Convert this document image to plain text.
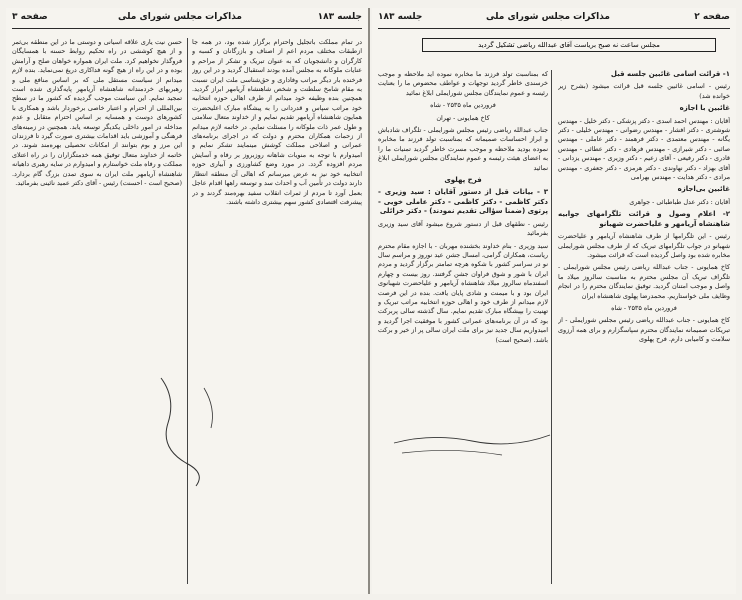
جلسه ۱۸۳
مذاکرات مجلس شورای ملی
صفحه ۳

در تمام مملکت باتجلیل واحترام برگزار شده بود، در همه جا ازطبقات مختلف مردم اعم از اصناف و بازرگانان و کسبه و کارگران و دانشجویان که به عنوان تبریک و تشکر از مراحم و عنایات ملوکانه به مجلس آمده بودند استقبال گردید و در این روز فرخنده بار دیگر مراتب وفاداری و حق‌شناسی ملت ایران نسبت به مقام شامخ سلطنت و شخص شاهنشاه آریامهر ابراز گردید. همچنین بنده وظیفه خود میدانم از طرف اهالی حوزه انتخابیه خود مراتب سپاس و قدردانی را به پیشگاه مبارک اعلیحضرت همایون شاهنشاه آریامهر تقدیم نمایم و از خداوند متعال سلامتی و طول عمر ذات ملوکانه را مسئلت نمایم. در خاتمه لازم میدانم از زحمات همکاران محترم و دولت که در اجرای برنامه‌های عمرانی و اصلاحی مملکت کوشش مینمایند تشکر نمایم و امیدوارم با توجه به منویات شاهانه روزبروز بر رفاه و آسایش مردم افزوده گردد. در مورد وضع کشاورزی و آبیاری حوزه انتخابیه خود نیز به عرض میرسانم که اهالی آن منطقه انتظار دارند دولت در تأمین آب و احداث سد و توسعه راهها اقدام عاجل بعمل آورد تا مردم از ثمرات انقلاب سفید بهره‌مند گردند و در پیشرفت اقتصادی کشور سهم بیشتری داشته باشند.

حسن نیت یاری علاقه اسیانی و دوستی ما در این منطقه بی‌ثمر و از هیچ کوششی در راه تحکیم روابط حسنه با همسایگان فروگذار نخواهیم کرد. ملت ایران همواره خواهان صلح و آرامش بوده و در این راه از هیچ گونه فداکاری دریغ نمی‌نماید. بنده لازم میدانم از سیاست مستقل ملی که بر اساس منافع ملی و رهبریهای خردمندانه شاهنشاه آریامهر پایه‌گذاری شده است تمجید نمایم. این سیاست موجب گردیده که کشور ما در سطح بین‌المللی از احترام و اعتبار خاصی برخوردار باشد و همکاری با کشورهای دوست و همسایه بر اساس احترام متقابل و عدم مداخله در امور داخلی یکدیگر توسعه یابد. همچنین در زمینه‌های فرهنگی و آموزشی باید اقدامات بیشتری صورت گیرد تا فرزندان این مرز و بوم بتوانند از امکانات تحصیلی بهره‌مند شوند. در خاتمه از خداوند متعال توفیق همه خدمتگزاران را در راه اعتلای مملکت و رفاه ملت خواستارم و امیدوارم در سایه رهبری داهیانه شاهنشاه آریامهر ملت ایران به سوی تمدن بزرگ گام بردارد. (صحیح است - احسنت) رئیس - آقای دکتر عمید نائینی بفرمائید.

صفحه ۲
مذاکرات مجلس شورای ملی
جلسه ۱۸۳
مجلس ساعت نه صبح بریاست آقای عبدالله ریاضی تشکیل گردید

۱- قرائت اسامی غائبین جلسه قبل

رئیس - اسامی غائبین جلسه قبل قرائت میشود (بشرح زیر خوانده شد)

غائبین با اجازه

آقایان : مهندس احمد اسدی - دکتر پزشکی - دکتر خلیل - مهندس شوشتری - دکتر افشار - مهندس رضوانی - مهندس خلیلی - دکتر یگانه - مهندس معتمدی - دکتر فرهمند - دکتر عاملی - مهندس صائبی - دکتر شیرازی - مهندس فرهادی - دکتر عطائی - مهندس قادری - دکتر رفیعی - آقای زعیم - دکتر وزیری - مهندس یزدانی - آقای بهزاد - دکتر نهاوندی - دکتر هرمزی - دکتر جعفری - مهندس مرادی - دکتر هدایت - مهندس بهرامی

غائبین بی‌اجازه

آقایان : دکتر عدل طباطبائی - جواهری

۲- اعلام وصول و قرائت تلگرامهای جوابیه شاهنشاه آریامهر و علیاحضرت شهبانو

رئیس - این تلگرامها از طرف شاهنشاه آریامهر و علیاحضرت شهبانو در جواب تلگرامهای تبریک که از طرف مجلس شورایملی مخابره شده بود واصل گردیده است که قرائت میشود.

کاخ همایونی - جناب عبدالله ریاضی رئیس مجلس شورایملی - تلگراف تبریک آن مجلس محترم به مناسبت سالروز میلاد ما واصل و موجب امتنان گردید. توفیق نمایندگان محترم را در انجام وظایف ملی خواستاریم. محمدرضا پهلوی شاهنشاه ایران

فروردین ماه ۲۵۳۵ - شاه

کاخ همایونی - جناب عبدالله ریاضی رئیس مجلس شورایملی - از تبریکات صمیمانه نمایندگان محترم سپاسگزارم و برای همه آرزوی سلامت و کامیابی دارم. فرح پهلوی

که بمناسبت تولد فرزند ما مخابره نموده اید ملاحظه و موجب خرسندی خاطر گردید توجهات و عواطف محضوص ما را بعنایت رئیسه و عموم نمایندگان مجلس شورایملی ابلاغ نمائید

فروردین ماه ۲۵۳۵ - شاه

کاخ همایونی - تهران

جناب عبدالله ریاضی رئیس مجلس شورایملی - تلگراف شادباش و ابراز احساسات صمیمانه که بمناسبت تولد فرزند ما مخابره نموده بودید ملاحظه و موجب مسرت خاطر گردید تمنیات ما را به اعضای هیئت رئیسه و عموم نمایندگان مجلس شورایملی ابلاغ نمائید

فرح پهلوی

۳ - بیانات قبل از دستور آقایان : سید وزیری - دکتر کاظمی - دکتر کاظمی - دکتر عاملی خویی - پرتوی (ضمنا سؤالی تقدیم نمودند) - دکتر خزائلی

رئیس - نطقهای قبل از دستور شروع میشود آقای سید وزیری بفرمائید

سید وزیری - بنام خداوند بخشنده مهربان - با اجازه مقام محترم ریاست، همکاران گرامی، امسال جشن عید نوروز و مراسم سال نو در سراسر کشور با شکوه هرچه تمامتر برگزار گردید و مردم ایران با شور و شوق فراوان جشن گرفتند. روز بیست و چهارم اسفندماه سالروز میلاد شاهنشاه آریامهر و علیاحضرت شهبانوی ایران بود و با میمنت و شادی پایان یافت. بنده در این فرصت لازم میدانم از طرف خود و اهالی حوزه انتخابیه مراتب تبریک و تهنیت را بپیشگاه مبارک تقدیم نمایم. سال گذشته سالی پربرکت بود که در آن برنامه‌های عمرانی کشور با موفقیت اجرا گردید و امیدواریم سال جدید نیز برای ملت ایران سالی پر از خیر و برکت باشد. (صحیح است)
